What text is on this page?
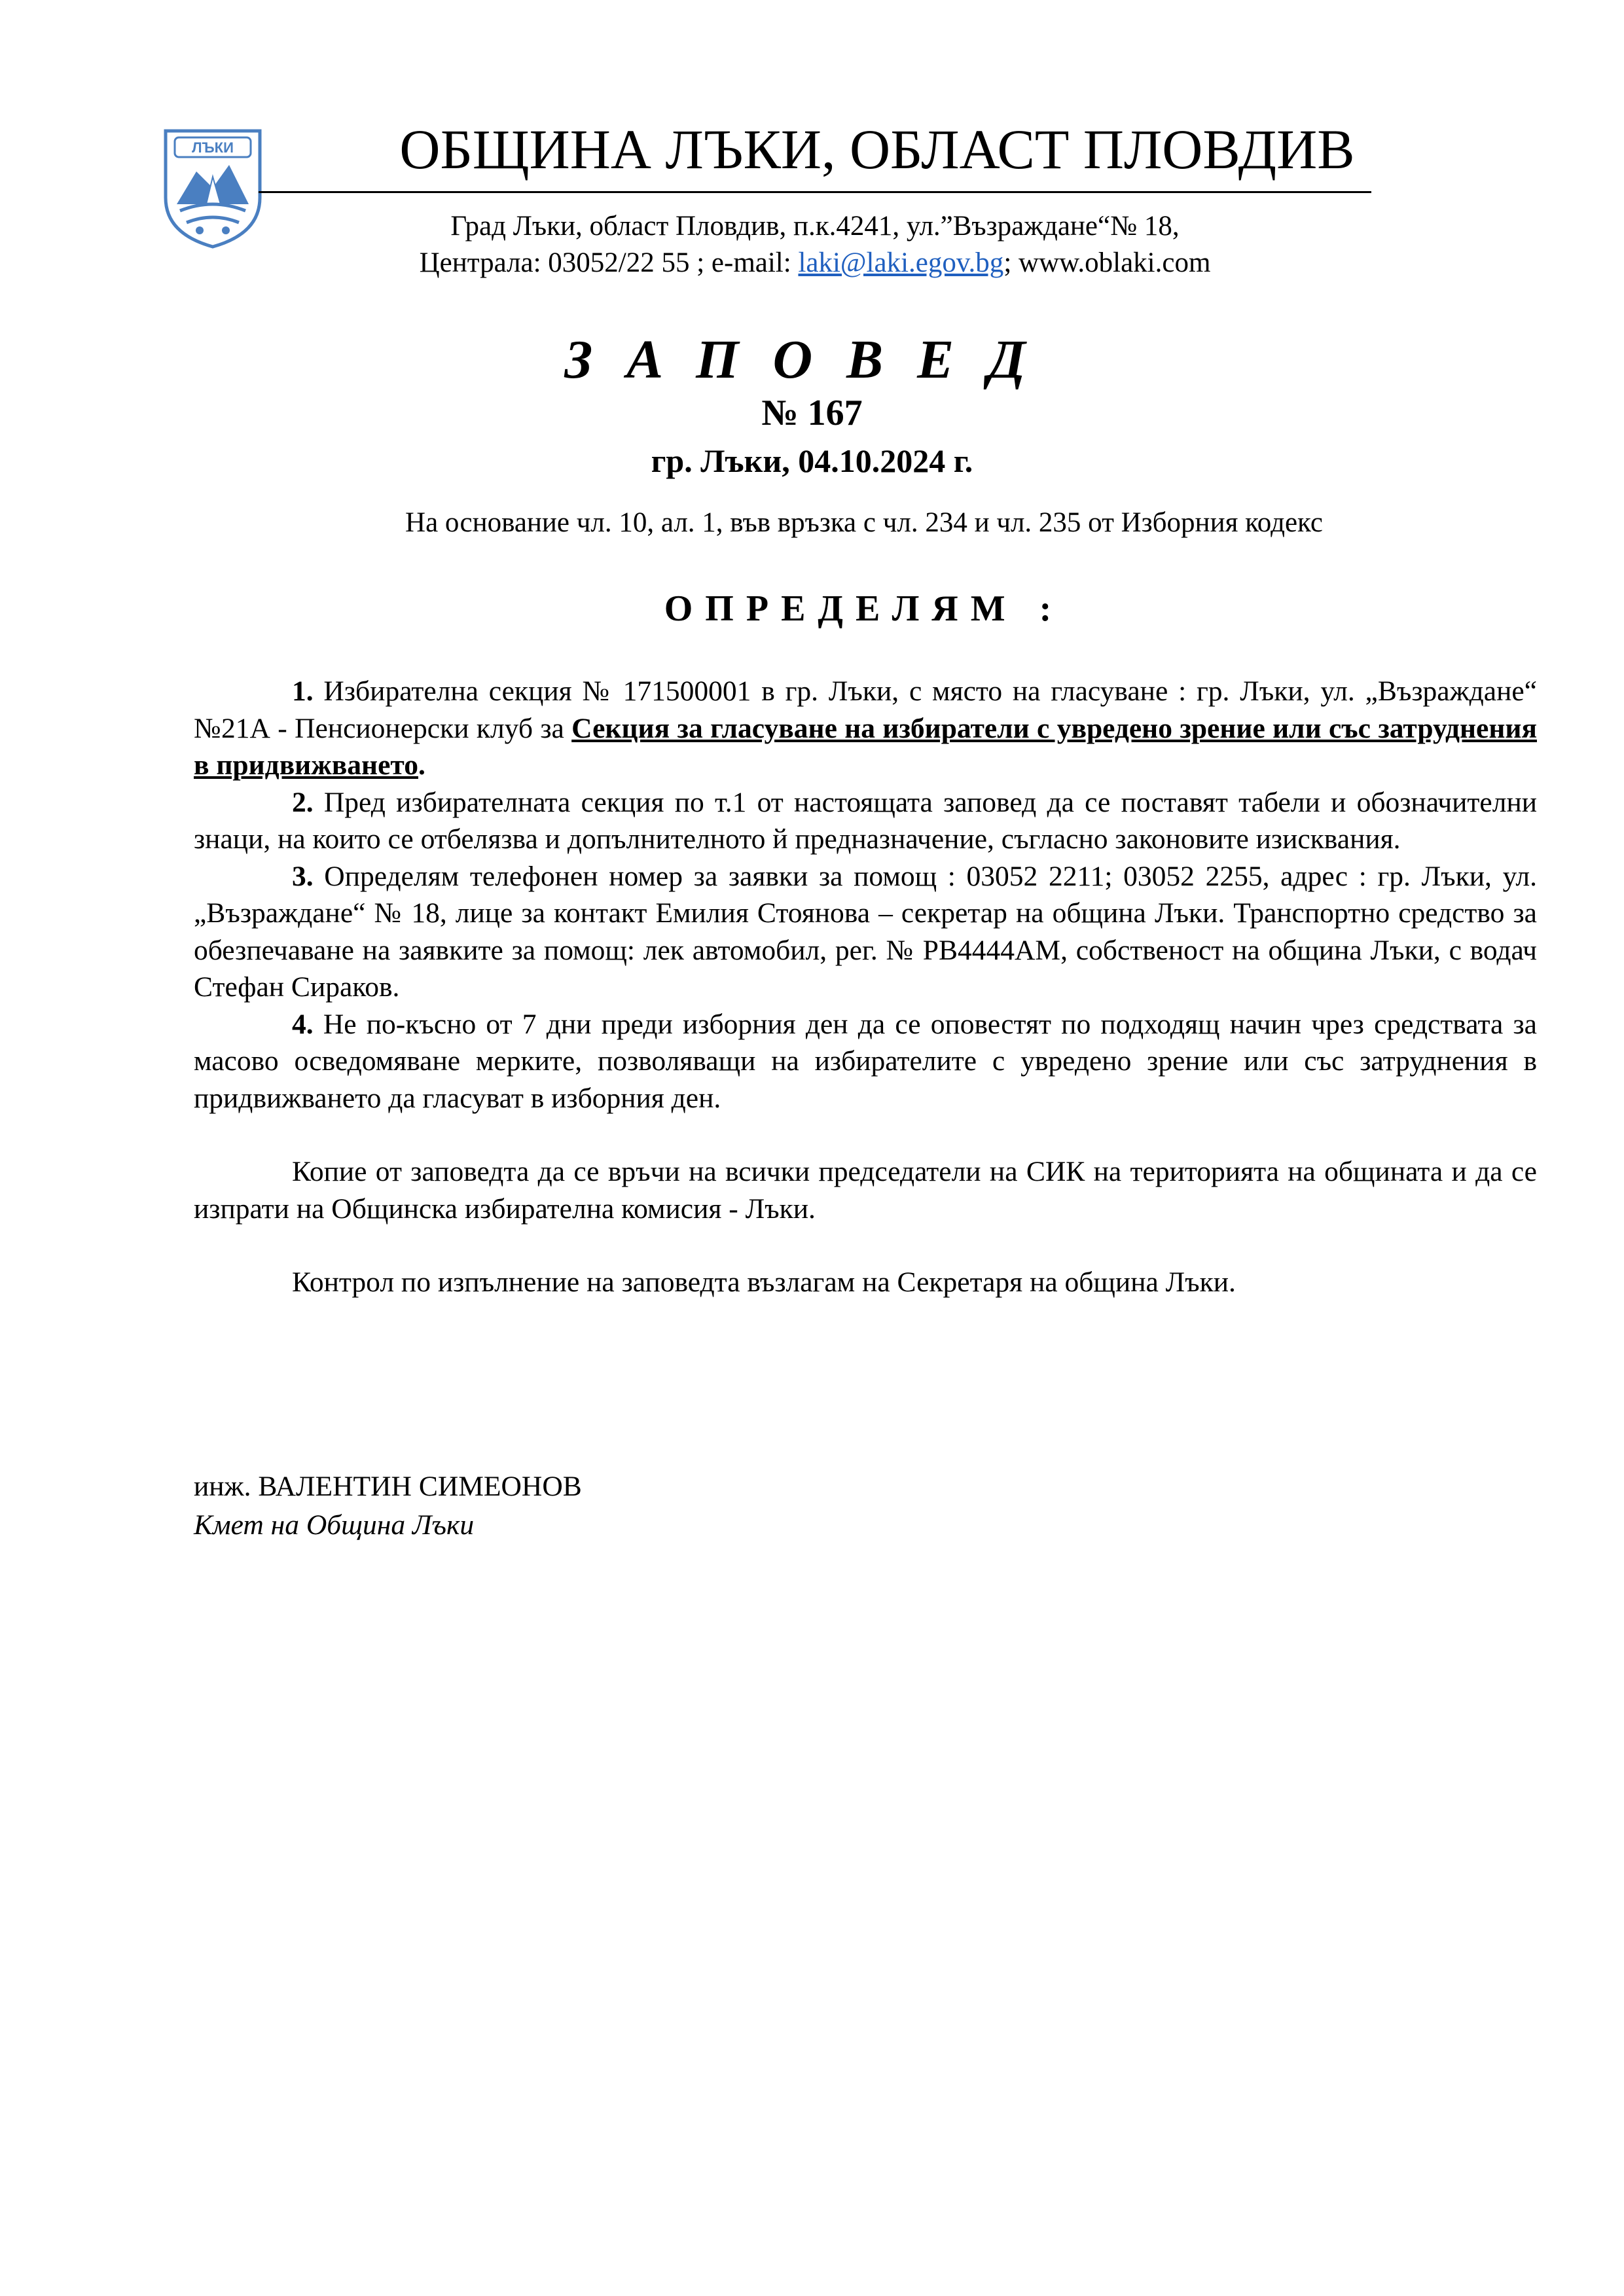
ЛЪКИ	ОБЩИНА ЛЪКИ, ОБЛАСТ ПЛОВДИВ
Град Лъки, област Пловдив, п.к.4241, ул.”Възраждане“№ 18,
Централа: 03052/22 55 ; e-mail: laki@laki.egov.bg; www.oblaki.com
ЗАПОВЕД
№ 167
гр. Лъки, 04.10.2024 г.
На основание чл. 10, ал. 1, във връзка с чл. 234 и чл. 235 от Изборния кодекс
ОПРЕДЕЛЯМ :

1. Избирателна секция № 171500001 в гр. Лъки, с място на гласуване : гр. Лъки, ул. „Възраждане“ №21А - Пенсионерски клуб за Секция за гласуване на избиратели с увредено зрение или със затруднения в придвижването.

2. Пред избирателната секция по т.1 от настоящата заповед да се поставят табели и обозначителни знаци, на които се отбелязва и допълнителното й предназначение, съгласно законовите изисквания.

3. Определям телефонен номер за заявки за помощ : 03052 2211; 03052 2255, адрес : гр. Лъки, ул. „Възраждане“ № 18, лице за контакт Емилия Стоянова – секретар на община Лъки. Транспортно средство за обезпечаване на заявките за помощ: лек автомобил, рег. № РВ4444АМ, собственост на община Лъки, с водач Стефан Сираков.

4. Не по-късно от 7 дни преди изборния ден да се оповестят по подходящ начин чрез средствата за масово осведомяване мерките, позволяващи на избирателите с увредено зрение или със затруднения в придвижването да гласуват в изборния ден.

Копие от заповедта да се връчи на всички председатели на СИК на територията на общината и да се изпрати на Общинска избирателна комисия - Лъки.

Контрол по изпълнение на заповедта възлагам на Секретаря на община Лъки.

инж. ВАЛЕНТИН СИМЕОНОВ
Кмет на Община Лъки
